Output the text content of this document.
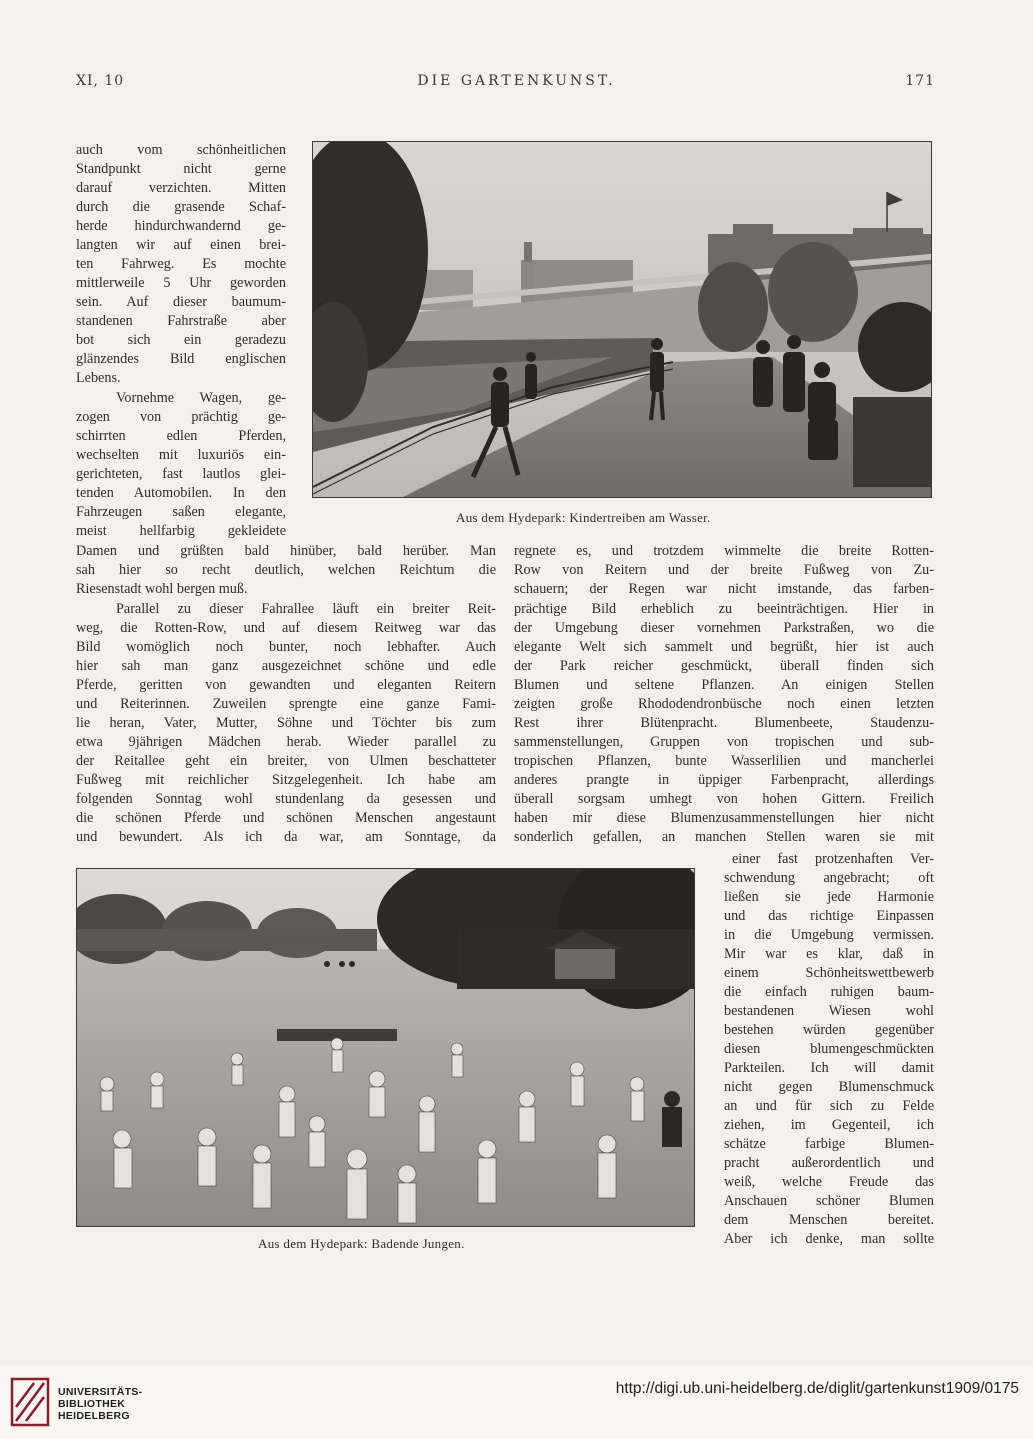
DIE GARTENKUNST.
XI, 10	171
Aus dem Hydepark: Kindertreiben am Wasser.
auch vom schönheitlichen
Standpunkt nicht gerne
darauf verzichten. Mitten
durch die grasende Schaf-
herde hindurchwandernd ge-
langten wir auf einen brei-
ten Fahrweg. Es mochte
mittlerweile 5 Uhr geworden
sein. Auf dieser baumum-
standenen Fahrstraße aber
bot sich ein geradezu
glänzendes Bild englischen
Lebens.
Vornehme Wagen, ge-
zogen von prächtig ge-
schirrten edlen Pferden,
wechselten mit luxuriös ein-
gerichteten, fast lautlos glei-
tenden Automobilen. In den
Fahrzeugen saßen elegante,
meist hellfarbig gekleidete
Damen und grüßten bald hinüber, bald herüber. Man
sah hier so recht deutlich, welchen Reichtum die
Riesenstadt wohl bergen muß.
Parallel zu dieser Fahrallee läuft ein breiter Reit-
weg, die Rotten-Row, und auf diesem Reitweg war das
Bild womöglich noch bunter, noch lebhafter. Auch
hier sah man ganz ausgezeichnet schöne und edle
Pferde, geritten von gewandten und eleganten Reitern
und Reiterinnen. Zuweilen sprengte eine ganze Fami-
lie heran, Vater, Mutter, Söhne und Töchter bis zum
etwa 9jährigen Mädchen herab. Wieder parallel zu
der Reitallee geht ein breiter, von Ulmen beschatteter
Fußweg mit reichlicher Sitzgelegenheit. Ich habe am
folgenden Sonntag wohl stundenlang da gesessen und
die schönen Pferde und schönen Menschen angestaunt
und bewundert. Als ich da war, am Sonntage, da
regnete es, und trotzdem wimmelte die breite Rotten-
Row von Reitern und der breite Fußweg von Zu-
schauern; der Regen war nicht imstande, das farben-
prächtige Bild erheblich zu beeinträchtigen. Hier in
der Umgebung dieser vornehmen Parkstraßen, wo die
elegante Welt sich sammelt und begrüßt, hier ist auch
der Park reicher geschmückt, überall finden sich
Blumen und seltene Pflanzen. An einigen Stellen
zeigten große Rhododendronbüsche noch einen letzten
Rest ihrer Blütenpracht. Blumenbeete, Staudenzu-
sammenstellungen, Gruppen von tropischen und sub-
tropischen Pflanzen, bunte Wasserlilien und mancherlei
anderes prangte in üppiger Farbenpracht, allerdings
überall sorgsam umhegt von hohen Gittern. Freilich
haben mir diese Blumenzusammenstellungen hier nicht
sonderlich gefallen, an manchen Stellen waren sie mit
Aus dem Hydepark: Badende Jungen.
einer fast protzenhaften Ver-
schwendung angebracht; oft
ließen sie jede Harmonie
und das richtige Einpassen
in die Umgebung vermissen.
Mir war es klar, daß in
einem Schönheitswettbewerb
die einfach ruhigen baum-
bestandenen Wiesen wohl
bestehen würden gegenüber
diesen blumengeschmückten
Parkteilen. Ich will damit
nicht gegen Blumenschmuck
an und für sich zu Felde
ziehen, im Gegenteil, ich
schätze farbige Blumen-
pracht außerordentlich und
weiß, welche Freude das
Anschauen schöner Blumen
dem Menschen bereitet.
Aber ich denke, man sollte
UNIVERSITÄTS-
BIBLIOTHEK
HEIDELBERG
http://digi.ub.uni-heidelberg.de/diglit/gartenkunst1909/0175
